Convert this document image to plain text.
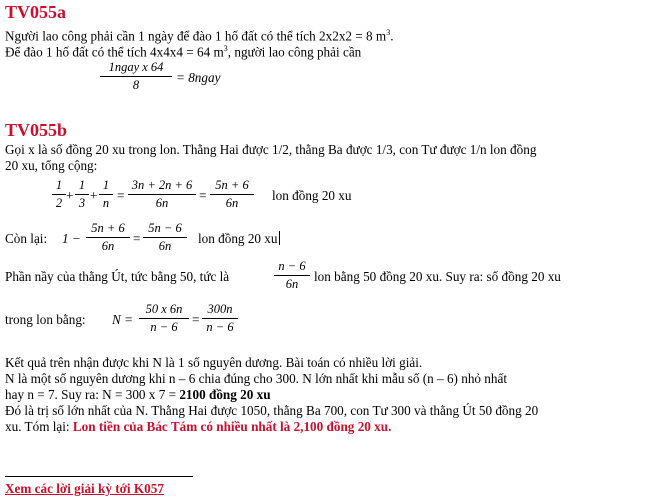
TV055a
Người lao công phải cần 1 ngày để đào 1 hố đất có thể tích 2x2x2 = 8 $m^3$.
Để đào 1 hố đất có thể tích 4x4x4 = 64 $m^3$, người lao công phải cần
1ngay x 64
8	= 8ngay
TV055b
Gọi x là số đồng 20 xu trong lon. Thằng Hai được 1/2, thằng Ba được 1/3, con Tư được 1/n lon đồng
20 xu, tổng cộng:
1
2 +
1
3 +
1
n =
3n + 2n + 6
6n	=
5n + 6
6n	lon đồng 20 xu
Còn lại: 1 −
5n + 6
6n	=
5n − 6
6n	lon đồng 20 xu
Phần nầy của thằng Út, tức bằng 50, tức là
n − 6
6n	lon bằng 50 đồng 20 xu. Suy ra: số đồng 20 xu
trong lon bằng: N =
50 x 6n
n − 6	=
300n
n − 6
Kết quả trên nhận được khi N là 1 số nguyên dương. Bài toán có nhiều lời giải.
N là một số nguyên dương khi n – 6 chia đúng cho 300. N lớn nhất khi mẫu số (n – 6) nhỏ nhất
hay n = 7. Suy ra: N = 300 x 7 = 2100 đồng 20 xu
Đó là trị số lớn nhất của N. Thằng Hai được 1050, thằng Ba 700, con Tư 300 và thằng Út 50 đồng 20
xu. Tóm lại: Lon tiền của Bác Tám có nhiều nhất là 2,100 đồng 20 xu.
Xem các lời giải kỳ tới K057
